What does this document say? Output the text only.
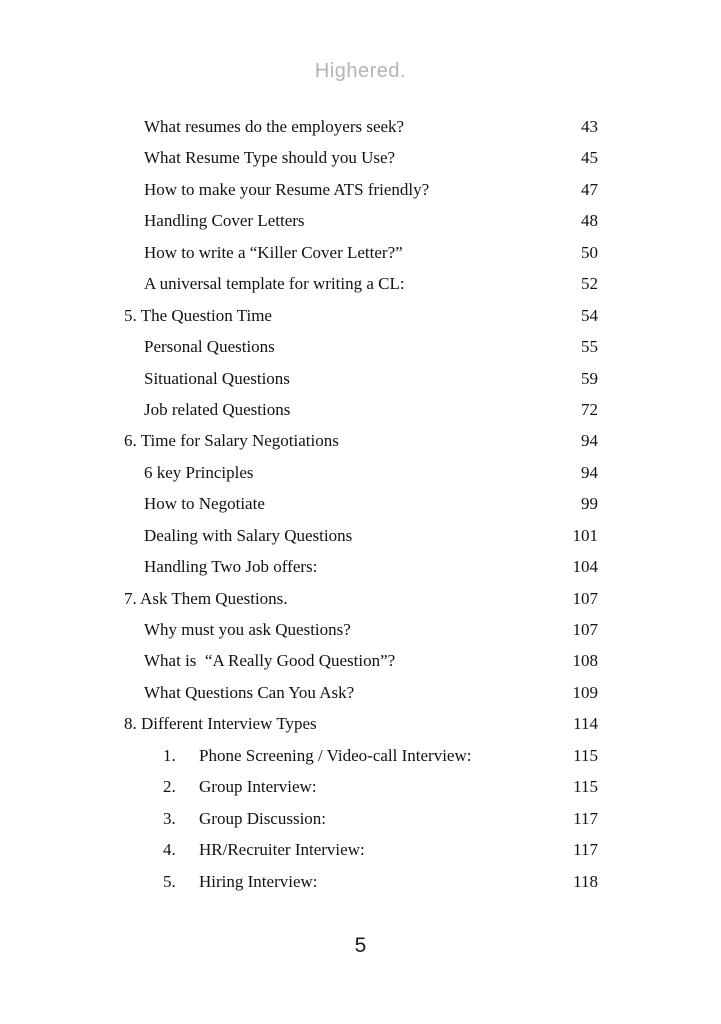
Highered.
What resumes do the employers seek?	43
What Resume Type should you Use?	45
How to make your Resume ATS friendly?	47
Handling Cover Letters	48
How to write a “Killer Cover Letter?”	50
A universal template for writing a CL:	52
5. The Question Time	54
Personal Questions	55
Situational Questions	59
Job related Questions	72
6. Time for Salary Negotiations	94
6 key Principles	94
How to Negotiate	99
Dealing with Salary Questions	101
Handling Two Job offers:	104
7. Ask Them Questions.	107
Why must you ask Questions?	107
What is  “A Really Good Question”?	108
What Questions Can You Ask?	109
8. Different Interview Types	114
1.	Phone Screening / Video-call Interview:	115
2.	Group Interview:	115
3.	Group Discussion:	117
4.	HR/Recruiter Interview:	117
5.	Hiring Interview:	118
5
